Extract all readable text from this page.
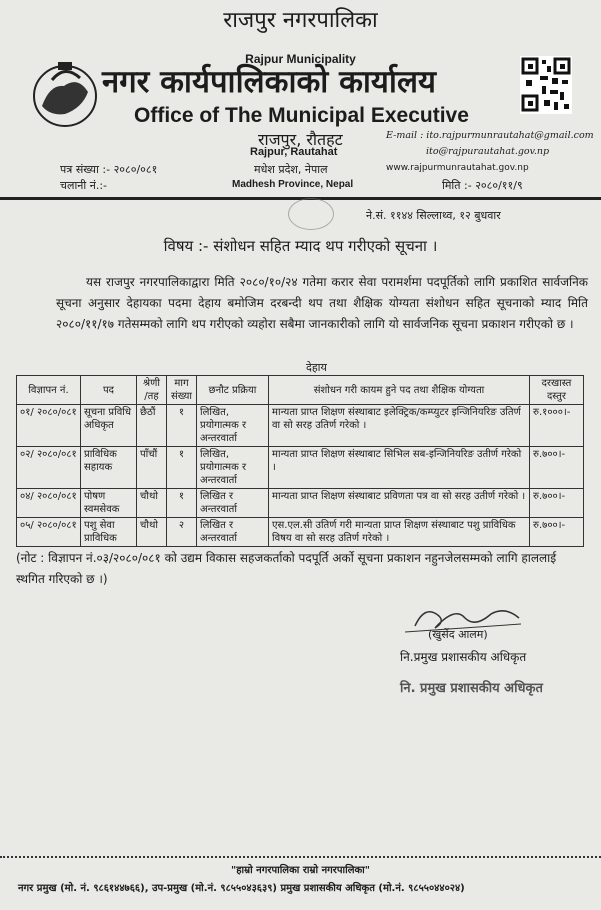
राजपुर नगरपालिका
Rajpur Municipality
नगर कार्यपालिकाको कार्यालय
Office of The Municipal Executive
राजपुर, रौतहट
Rajpur, Rautahat
मधेश प्रदेश, नेपाल
Madhesh Province, Nepal
E-mail : ito.rajpurmunrautahat@gmail.com
ito@rajpurautahat.gov.np
www.rajpurmunrautahat.gov.np
पत्र संख्या :- २०८०/०८१
चलानी नं.:-	मिति :- २०८०/११/९
ने.सं. ११४४ सिल्लाथ्व, १२ बुधवार
विषय :- संशोधन सहित म्याद थप गरीएको सूचना ।
यस राजपुर नगरपालिकाद्वारा मिति २०८०/१०/२४ गतेमा करार सेवा परामर्शमा पदपूर्तिको लागि प्रकाशित सार्वजनिक सूचना अनुसार देहायका पदमा देहाय बमोजिम दरबन्दी थप तथा शैक्षिक योग्यता संशोधन सहित सूचनाको म्याद मिति २०८०/११/१७ गतेसम्मको लागि थप गरीएको व्यहोरा सबैमा जानकारीको लागि यो सार्वजनिक सूचना प्रकाशन गरीएको छ ।
देहाय
विज्ञापन नं.	पद	श्रेणी /तह	माग संख्या	छनौट प्रक्रिया	संशोधन गरी कायम हुने पद तथा शैक्षिक योग्यता	दरखास्त दस्तुर
०१/ २०८०/०८१	सूचना प्रविधि अधिकृत	छैठौं	१	लिखित, प्रयोगात्मक र अन्तरवार्ता	मान्यता प्राप्त शिक्षण संस्थाबाट इलेक्ट्रिक/कम्प्युटर इन्जिनियरिङ उतिर्ण वा सो सरह उतिर्ण गरेको ।	रु.१०००।-
०२/ २०८०/०८१	प्राविधिक सहायक	पाँचौं	१	लिखित, प्रयोगात्मक र अन्तरवार्ता	मान्यता प्राप्त शिक्षण संस्थाबाट सिभिल सब-इन्जिनियरिङ उतीर्ण गरेको ।	रु.७००।-
०४/ २०८०/०८१	पोषण स्वमसेवक	चौथो	१	लिखित र अन्तरवार्ता	मान्यता प्राप्त शिक्षण संस्थाबाट प्रविणता पत्र वा सो सरह उतीर्ण गरेको ।	रु.७००।-
०५/ २०८०/०८१	पशु सेवा प्राविधिक	चौथो	२	लिखित र अन्तरवार्ता	एस.एल.सी उतिर्ण गरी मान्यता प्राप्त शिक्षण संस्थाबाट पशु प्राविधिक विषय वा सो सरह उतिर्ण गरेको ।	रु.७००।-
(नोट : विज्ञापन नं.०३/२०८०/०८१ को उद्यम विकास सहजकर्ताको पदपूर्ति अर्को सूचना प्रकाशन नहुनजेलसम्मको लागि हाललाई स्थगित गरिएको छ ।)
(खुर्सेद आलम)
नि.प्रमुख प्रशासकीय अधिकृत
नि. प्रमुख प्रशासकीय अधिकृत
"हाम्रो नगरपालिका राम्रो नगरपालिका"
नगर प्रमुख (मो. नं. ९८६१४४७६६), उप-प्रमुख (मो.नं. ९८५५०४३६३९) प्रमुख प्रशासकीय अधिकृत (मो.नं. ९८५५०४४०२४)
